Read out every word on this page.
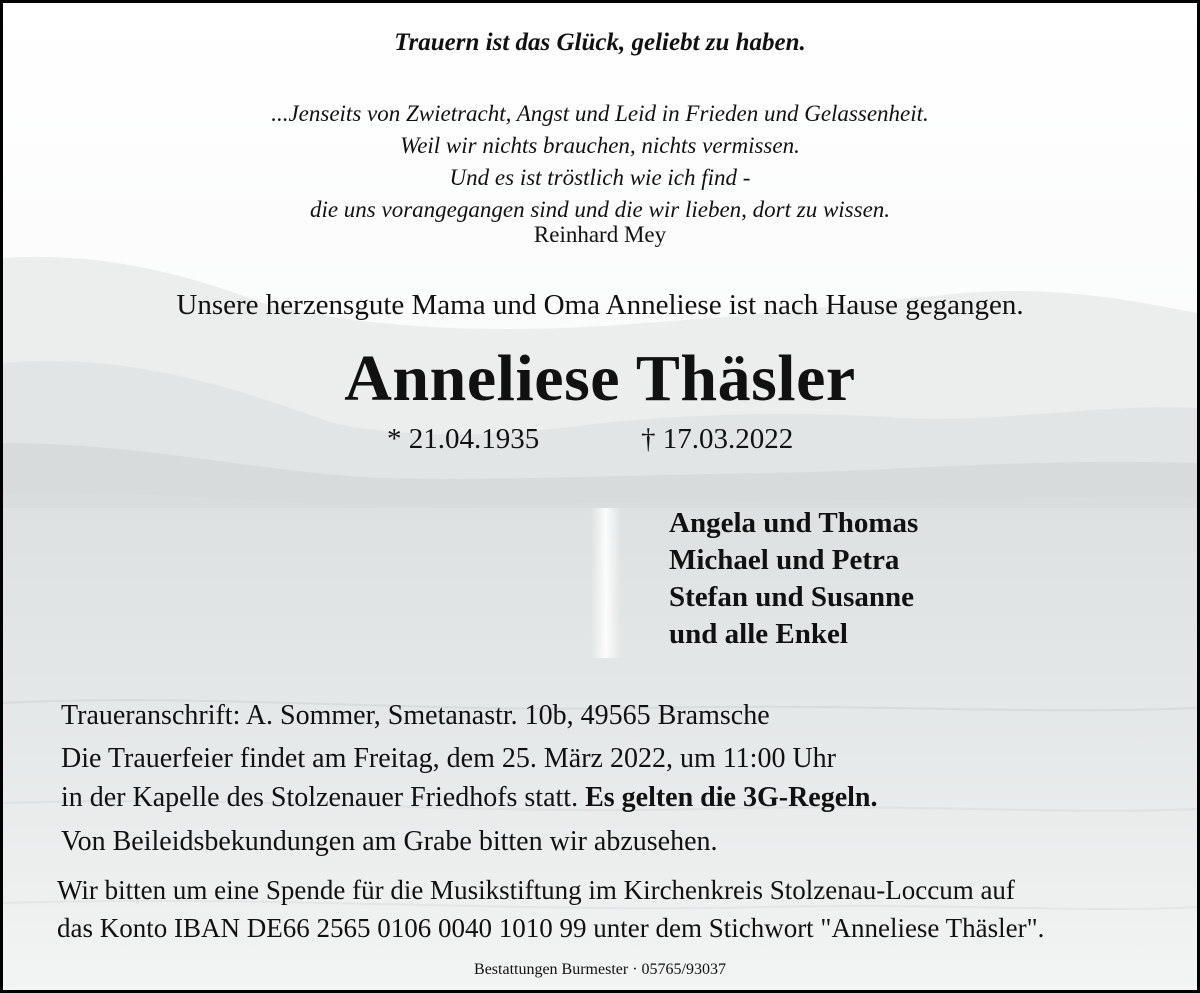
Trauern ist das Glück, geliebt zu haben.
...Jenseits von Zwietracht, Angst und Leid in Frieden und Gelassenheit.
Weil wir nichts brauchen, nichts vermissen.
Und es ist tröstlich wie ich find -
die uns vorangegangen sind und die wir lieben, dort zu wissen.
Reinhard Mey
Unsere herzensgute Mama und Oma Anneliese ist nach Hause gegangen.
Anneliese Thäsler
* 21.04.1935	† 17.03.2022
Angela und Thomas
Michael und Petra
Stefan und Susanne
und alle Enkel
Traueranschrift: A. Sommer, Smetanastr. 10b, 49565 Bramsche
Die Trauerfeier findet am Freitag, dem 25. März 2022, um 11:00 Uhr
in der Kapelle des Stolzenauer Friedhofs statt. Es gelten die 3G-Regeln.
Von Beileidsbekundungen am Grabe bitten wir abzusehen.
Wir bitten um eine Spende für die Musikstiftung im Kirchenkreis Stolzenau-Loccum auf
das Konto IBAN DE66 2565 0106 0040 1010 99 unter dem Stichwort "Anneliese Thäsler".
Bestattungen Burmester · 05765/93037
